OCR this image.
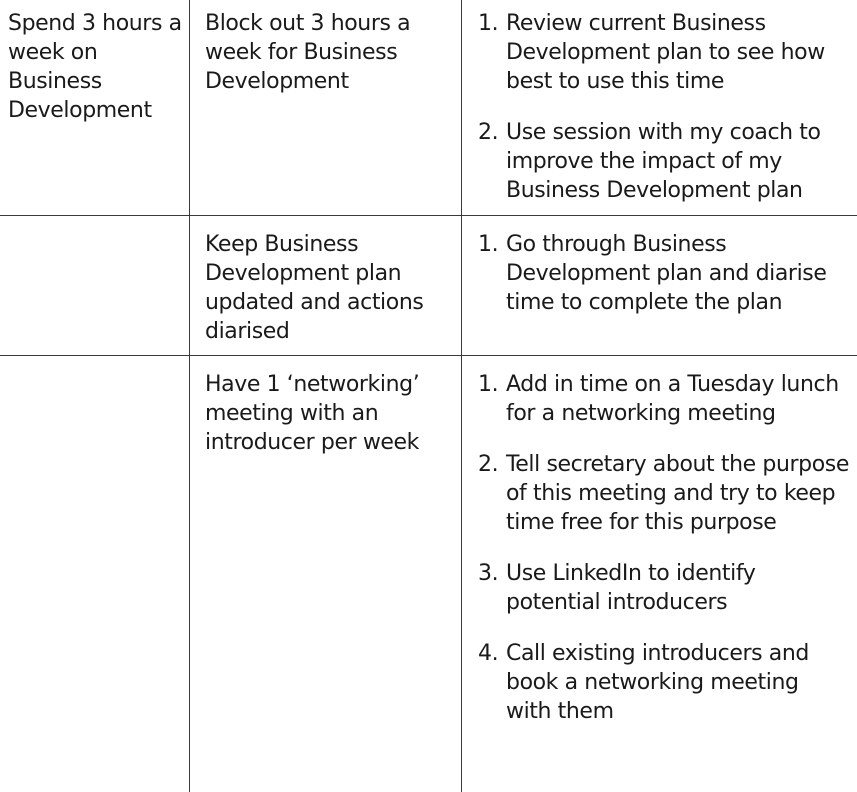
Spend 3 hours a week on Business Development
Block out 3 hours a week for Business Development
1. Review current Business Development plan to see how best to use this time
2. Use session with my coach to improve the impact of my Business Development plan
Keep Business Development plan updated and actions diarised
1. Go through Business Development plan and diarise time to complete the plan
Have 1 ‘networking’ meeting with an introducer per week
1. Add in time on a Tuesday lunch for a networking meeting
2. Tell secretary about the purpose of this meeting and try to keep time free for this purpose
3. Use LinkedIn to identify potential introducers
4. Call existing introducers and book a networking meeting with them
